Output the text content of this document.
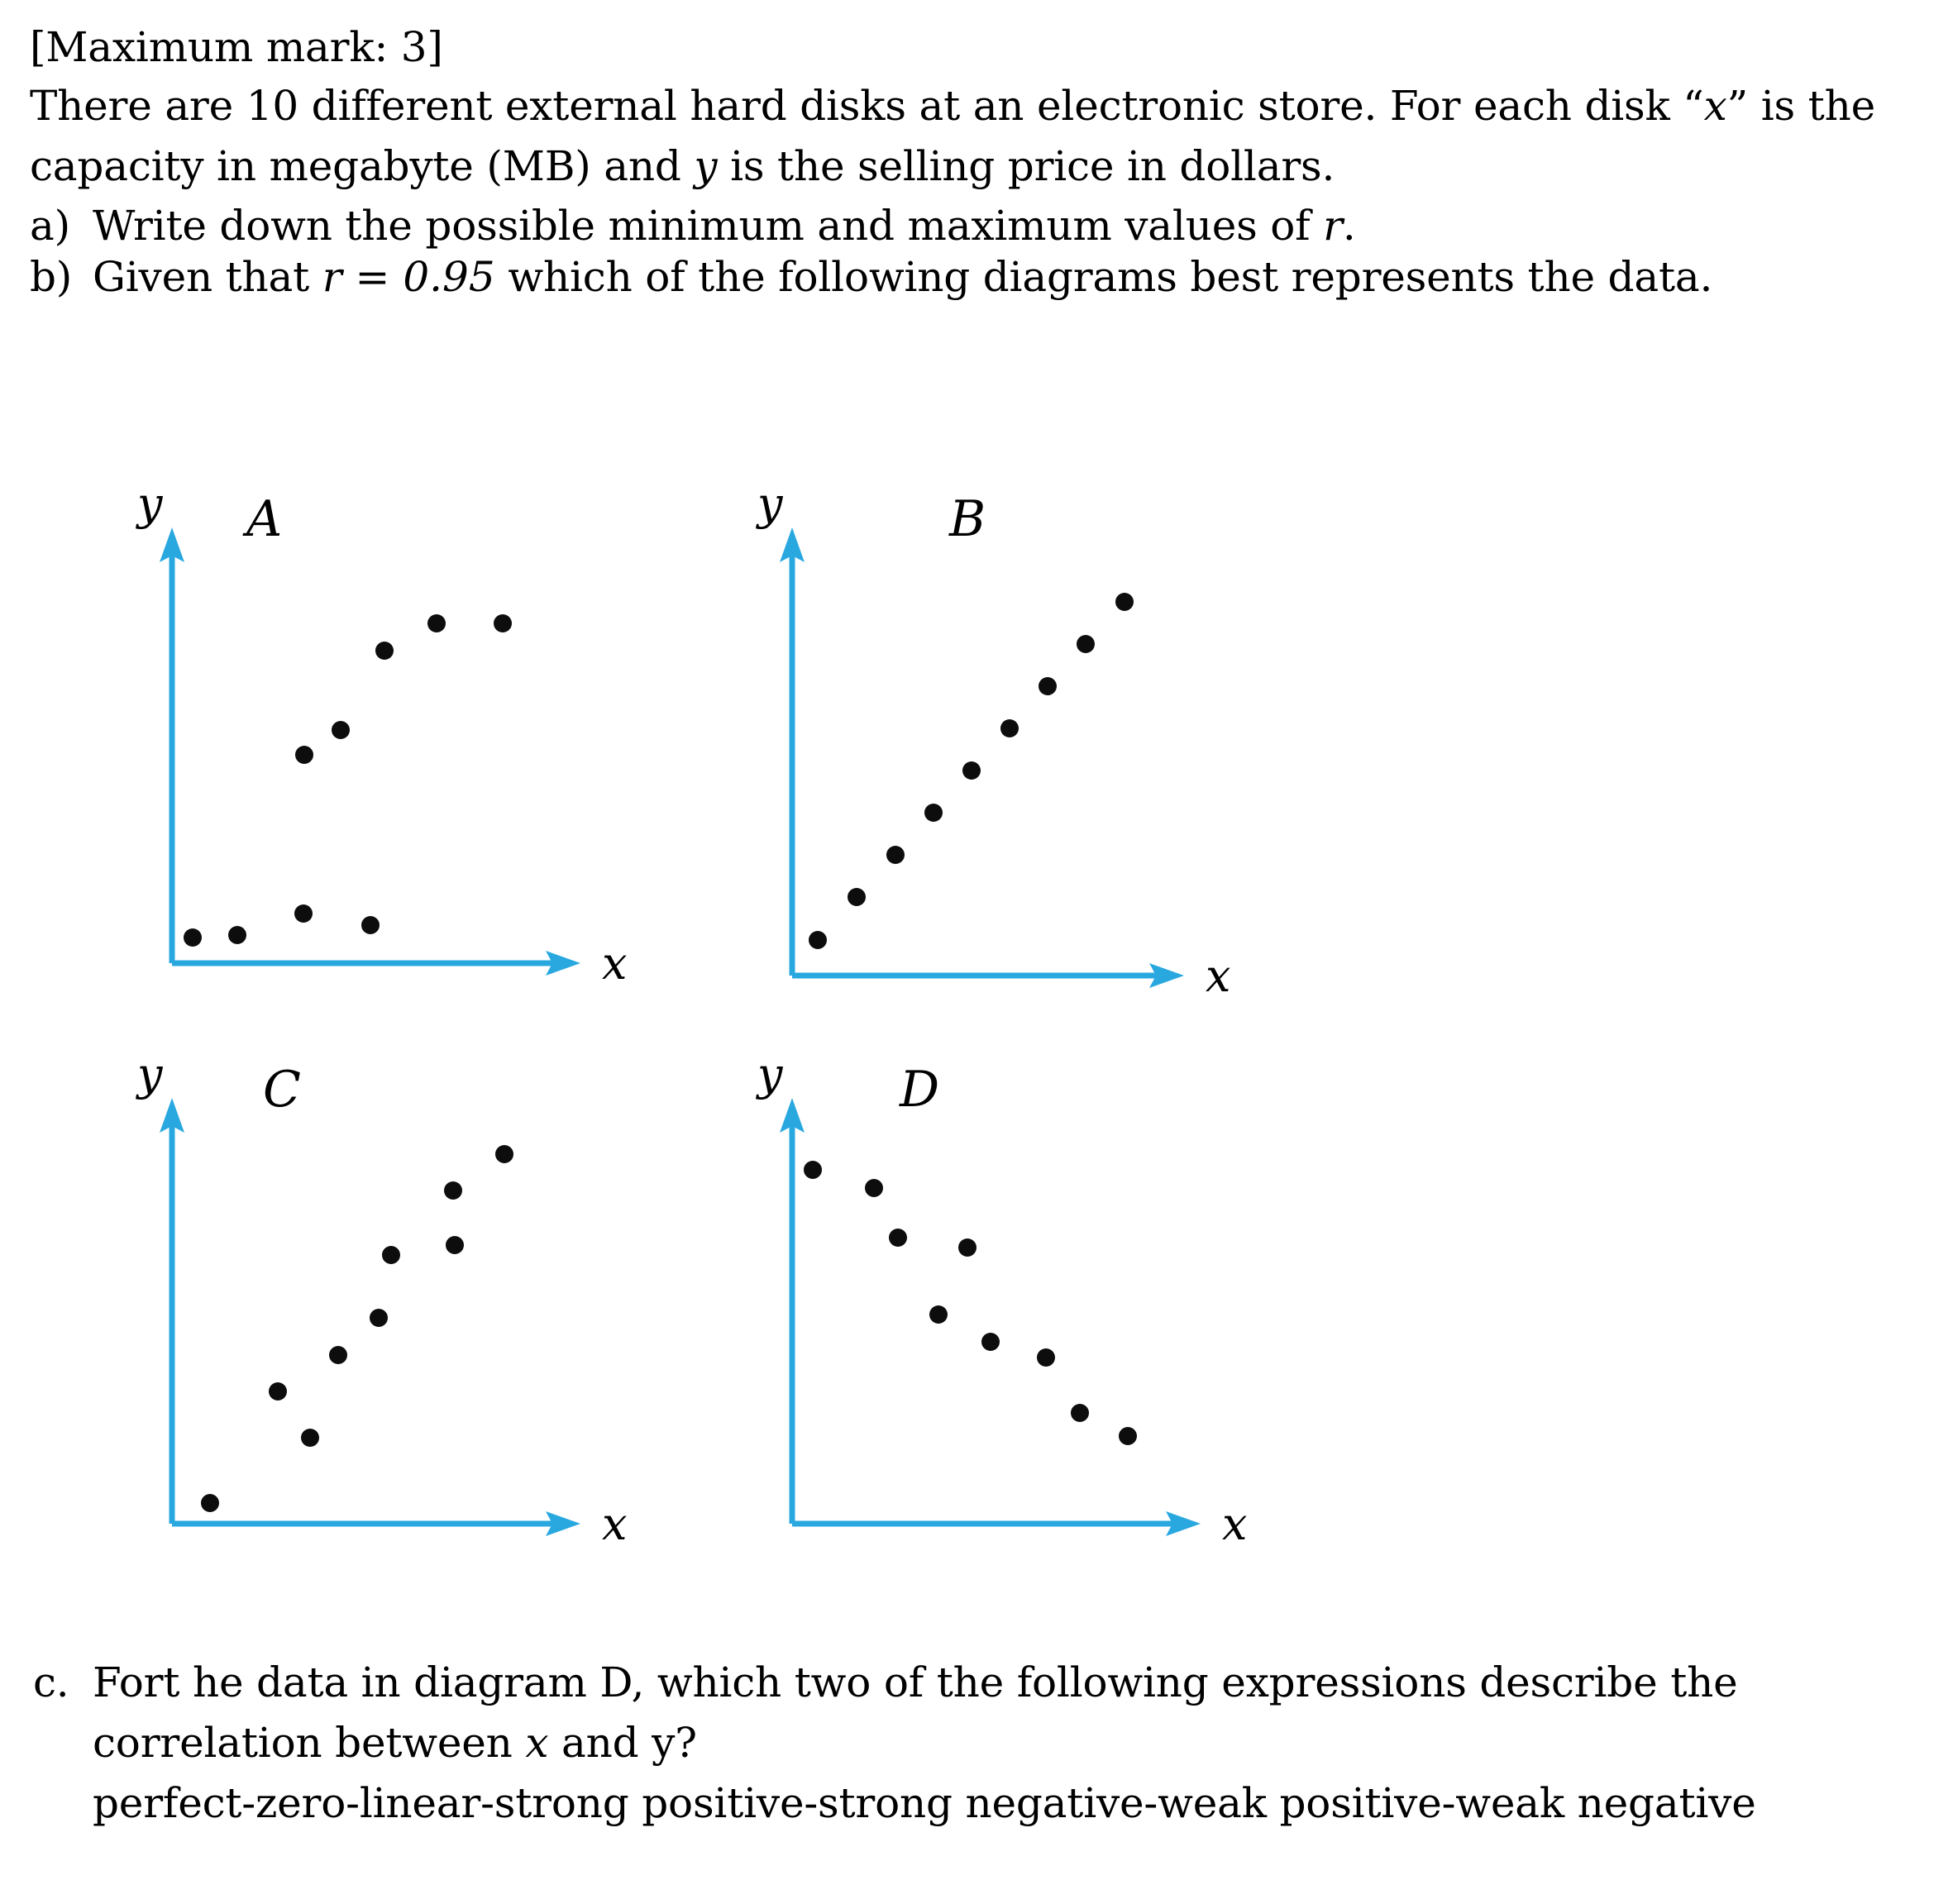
[Maximum mark: 3]
There are 10 different external hard disks at an electronic store. For each disk “x” is the
capacity in megabyte (MB) and y is the selling price in dollars.
a) Write down the possible minimum and maximum values of r.
b) Given that r = 0.95 which of the following diagrams best represents the data.
c. Fort he data in diagram D, which two of the following expressions describe the
correlation between x and y?
perfect-zero-linear-strong positive-strong negative-weak positive-weak negative
y
x
A	y
x
B
y
x
C	y
x
D
